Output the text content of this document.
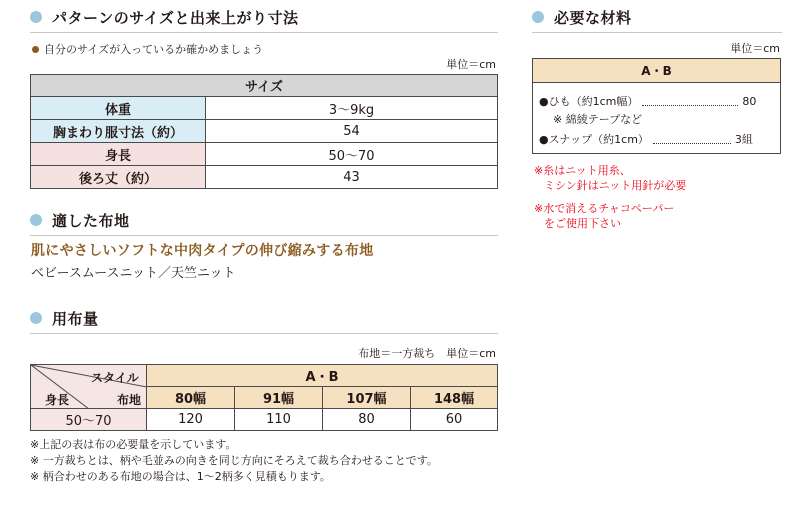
パターンのサイズと出来上がり寸法
自分のサイズが入っているか確かめましょう
単位＝cm
サイズ	
体重	3〜9kg
胸まわり服寸法（約）	54
身長	50〜70
後ろ丈（約）	43
適した布地
肌にやさしいソフトな中肉タイプの伸び縮みする布地
ベビースムースニット／天竺ニット
用布量
布地＝一方裁ち　単位＝cm
スタイル
布地
身長	A・B			
	80幅	91幅	107幅	148幅
50〜70	120	110	80	60
※上記の表は布の必要量を示しています。
※ 一方裁ちとは、柄や毛並みの向きを同じ方向にそろえて裁ち合わせることです。
※ 柄合わせのある布地の場合は、1〜2柄多く見積もります。
必要な材料
単位＝cm
A・B
●ひも（約1cm幅）	80
※ 綿綾テープなど
●スナップ（約1cm）	3組
※糸はニット用糸、
ミシン針はニット用針が必要
※水で消えるチャコペーパー
をご使用下さい
